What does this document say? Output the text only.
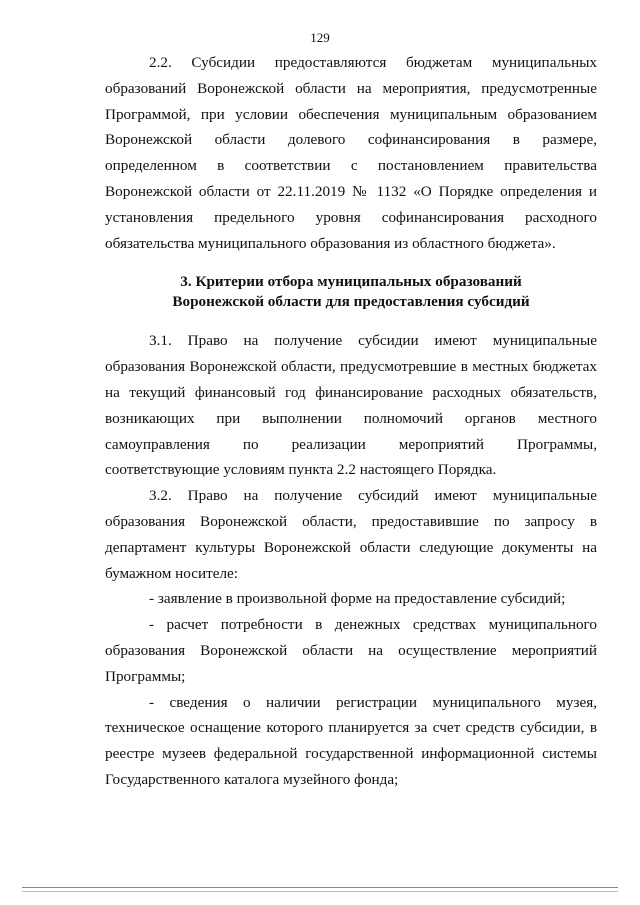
129

2.2. Субсидии предоставляются бюджетам муниципальных образований Воронежской области на мероприятия, предусмотренные Программой, при условии обеспечения муниципальным образованием Воронежской области долевого софинансирования в размере, определенном в соответствии с постановлением правительства Воронежской области от 22.11.2019 № 1132 «О Порядке определения и установления предельного уровня софинансирования расходного обязательства муниципального образования из областного бюджета».

3. Критерии отбора муниципальных образований
Воронежской области для предоставления субсидий

3.1. Право на получение субсидии имеют муниципальные образования Воронежской области, предусмотревшие в местных бюджетах на текущий финансовый год финансирование расходных обязательств, возникающих при выполнении полномочий органов местного самоуправления по реализации мероприятий Программы, соответствующие условиям пункта 2.2 настоящего Порядка.

3.2. Право на получение субсидий имеют муниципальные образования Воронежской области, предоставившие по запросу в департамент культуры Воронежской области следующие документы на бумажном носителе:

- заявление в произвольной форме на предоставление субсидий;

- расчет потребности в денежных средствах муниципального образования Воронежской области на осуществление мероприятий Программы;

- сведения о наличии регистрации муниципального музея, техническое оснащение которого планируется за счет средств субсидии, в реестре музеев федеральной государственной информационной системы Государственного каталога музейного фонда;
